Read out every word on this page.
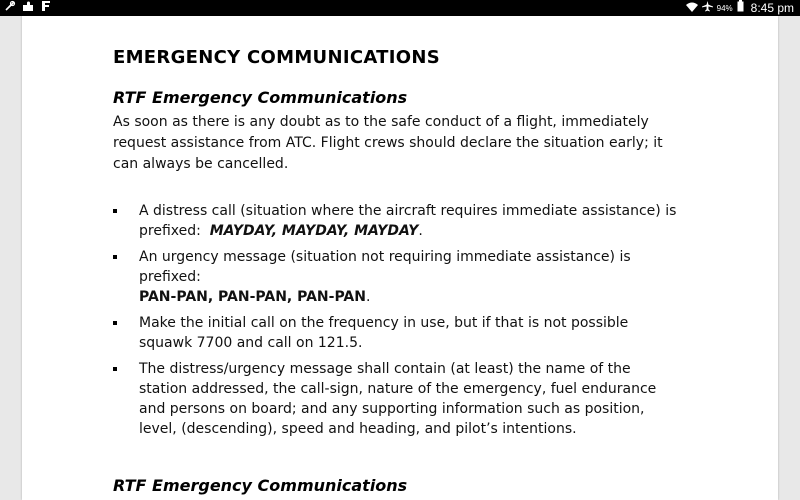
94% 8:45 pm
EMERGENCY COMMUNICATIONS
RTF Emergency Communications

As soon as there is any doubt as to the safe conduct of a flight, immediately
request assistance from ATC. Flight crews should declare the situation early; it
can always be cancelled.

A distress call (situation where the aircraft requires immediate assistance) is
prefixed:  MAYDAY, MAYDAY, MAYDAY.
An urgency message (situation not requiring immediate assistance) is
prefixed:
PAN-PAN, PAN-PAN, PAN-PAN.
Make the initial call on the frequency in use, but if that is not possible
squawk 7700 and call on 121.5.
The distress/urgency message shall contain (at least) the name of the
station addressed, the call-sign, nature of the emergency, fuel endurance
and persons on board; and any supporting information such as position,
level, (descending), speed and heading, and pilot’s intentions.
RTF Emergency Communications
